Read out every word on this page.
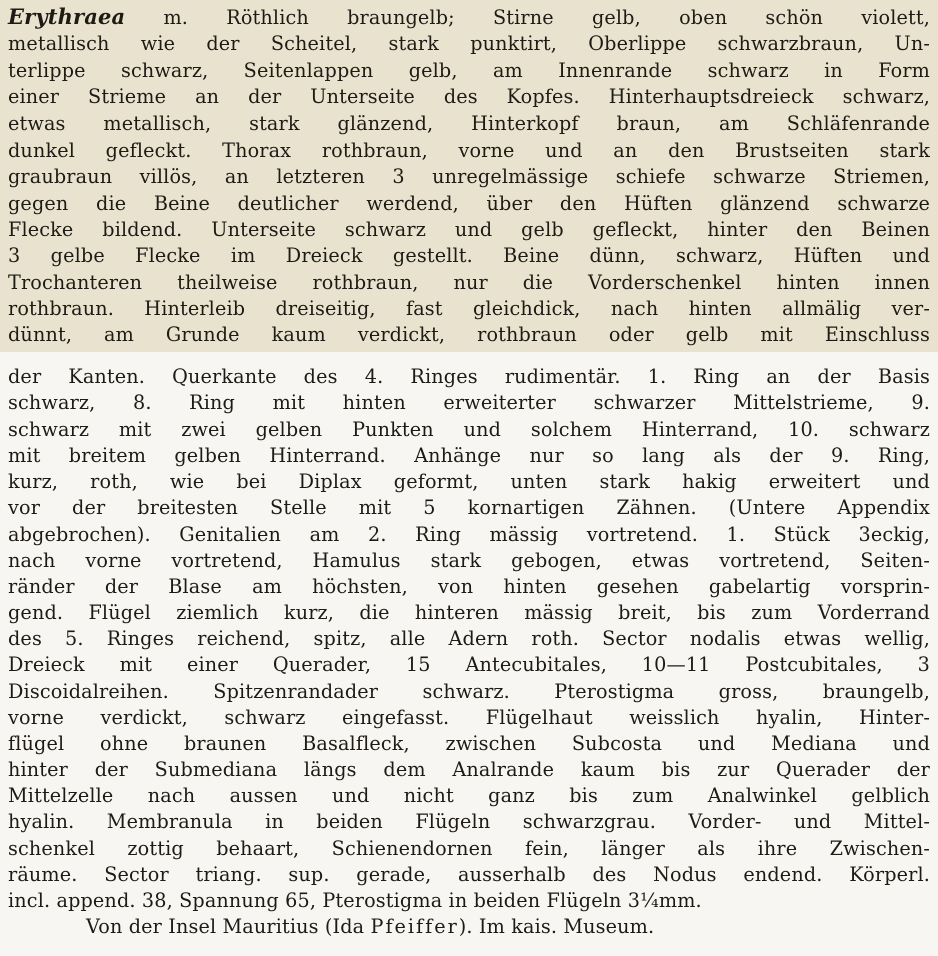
Erythraea m. Röthlich braungelb; Stirne gelb, oben schön violett,
metallisch wie der Scheitel, stark punktirt, Oberlippe schwarzbraun, Un-
terlippe schwarz, Seitenlappen gelb, am Innenrande schwarz in Form
einer Strieme an der Unterseite des Kopfes. Hinterhauptsdreieck schwarz,
etwas metallisch, stark glänzend, Hinterkopf braun, am Schläfenrande
dunkel gefleckt. Thorax rothbraun, vorne und an den Brustseiten stark
graubraun villös, an letzteren 3 unregelmässige schiefe schwarze Striemen,
gegen die Beine deutlicher werdend, über den Hüften glänzend schwarze
Flecke bildend. Unterseite schwarz und gelb gefleckt, hinter den Beinen
3 gelbe Flecke im Dreieck gestellt. Beine dünn, schwarz, Hüften und
Trochanteren theilweise rothbraun, nur die Vorderschenkel hinten innen
rothbraun. Hinterleib dreiseitig, fast gleichdick, nach hinten allmälig ver-
dünnt, am Grunde kaum verdickt, rothbraun oder gelb mit Einschluss
der Kanten. Querkante des 4. Ringes rudimentär. 1. Ring an der Basis
schwarz, 8. Ring mit hinten erweiterter schwarzer Mittelstrieme, 9.
schwarz mit zwei gelben Punkten und solchem Hinterrand, 10. schwarz
mit breitem gelben Hinterrand. Anhänge nur so lang als der 9. Ring,
kurz, roth, wie bei Diplax geformt, unten stark hakig erweitert und
vor der breitesten Stelle mit 5 kornartigen Zähnen. (Untere Appendix
abgebrochen). Genitalien am 2. Ring mässig vortretend. 1. Stück 3eckig,
nach vorne vortretend, Hamulus stark gebogen, etwas vortretend, Seiten-
ränder der Blase am höchsten, von hinten gesehen gabelartig vorsprin-
gend. Flügel ziemlich kurz, die hinteren mässig breit, bis zum Vorderrand
des 5. Ringes reichend, spitz, alle Adern roth. Sector nodalis etwas wellig,
Dreieck mit einer Querader, 15 Antecubitales, 10—11 Postcubitales, 3
Discoidalreihen. Spitzenrandader schwarz. Pterostigma gross, braungelb,
vorne verdickt, schwarz eingefasst. Flügelhaut weisslich hyalin, Hinter-
flügel ohne braunen Basalfleck, zwischen Subcosta und Mediana und
hinter der Submediana längs dem Analrande kaum bis zur Querader der
Mittelzelle nach aussen und nicht ganz bis zum Analwinkel gelblich
hyalin. Membranula in beiden Flügeln schwarzgrau. Vorder- und Mittel-
schenkel zottig behaart, Schienendornen fein, länger als ihre Zwischen-
räume. Sector triang. sup. gerade, ausserhalb des Nodus endend. Körperl.
incl. append. 38, Spannung 65, Pterostigma in beiden Flügeln 3¼mm.
Von der Insel Mauritius (Ida Pfeiffer). Im kais. Museum.
